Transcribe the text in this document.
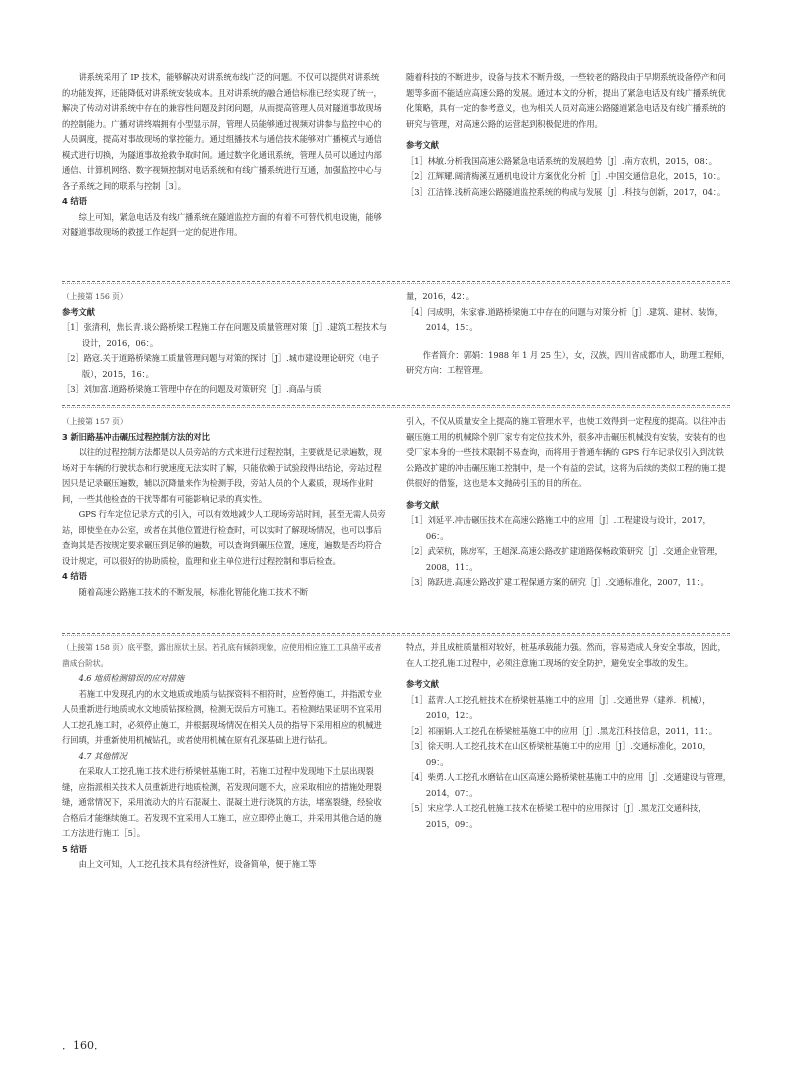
讲系统采用了 IP 技术，能够解决对讲系统布线广泛的问题。不仅可以提供对讲系统的功能发挥，还能降低对讲系统安装成本。且对讲系统的融合通信标准已经实现了统一，解决了传动对讲系统中存在的兼容性问题及封闭问题，从而提高管理人员对隧道事故现场的控制能力。广播对讲终端拥有小型显示屏，管理人员能够通过视频对讲参与监控中心的人员调度，提高对事故现场的掌控能力。通过组播技术与通信技术能够对广播模式与通信模式进行切换，为隧道事故抢救争取时间。通过数字化通讯系统，管理人员可以通过内部通信、计算机网络、数字视频控制对电话系统和有线广播系统进行互通，加强监控中心与各子系统之间的联系与控制［3］。

4 结语

综上可知，紧急电话及有线广播系统在隧道监控方面的有着不可替代机电设施，能够对隧道事故现场的救援工作起到一定的促进作用。

随着科技的不断进步，设备与技术不断升级，一些较老的路段由于早期系统设备停产和问题等多面不能适应高速公路的发展。通过本文的分析，提出了紧急电话及有线广播系统优化策略，具有一定的参考意义，也为相关人员对高速公路隧道紧急电话及有线广播系统的研究与管理，对高速公路的运营起到积极促进的作用。

参考文献

［1］林敏.分析我国高速公路紧急电话系统的发展趋势［J］.南方农机，2015，08：。

［2］江辉耀.阔清梅溪互通机电设计方案优化分析［J］.中国交通信息化，2015，10：。

［3］江洁锋.浅析高速公路隧道监控系统的构成与发展［J］.科技与创新，2017，04：。

（上接第 156 页）

参考文献

［1］张清利，焦长青.谈公路桥梁工程施工存在问题及质量管理对策［J］.建筑工程技术与设计，2016，06：。

［2］路寇.关于道路桥梁施工质量管理问题与对策的探讨［J］.城市建设理论研究（电子版），2015，16：。

［3］刘加富.道路桥梁施工管理中存在的问题及对策研究［J］.商品与质

量，2016，42：。

［4］闫成明，朱家睿.道路桥梁施工中存在的问题与对策分析［J］.建筑、建材、装饰，2014，15：。

作者简介：郭娟：1988 年 1 月 25 生），女，汉族，四川省成都市人，助理工程师，研究方向：工程管理。

（上接第 157 页）

3 新旧路基冲击碾压过程控制方法的对比

以往的过程控制方法都是以人员旁站的方式来进行过程控制，主要就是记录遍数，现场对于车辆的行驶状态和行驶速度无法实时了解，只能依赖于试验段得出结论，旁站过程因只是记录碾压遍数，辅以沉降量来作为检测手段，旁站人员的个人素质，现场作业时间，一些其他检查的干扰等都有可能影响记录的真实性。

GPS 行车定位记录方式的引入，可以有效地减少人工现场旁站时间，甚至无需人员旁站，即使坐在办公室，或者在其他位置进行检查时，可以实时了解现场情况，也可以事后查询其是否按规定要求碾压到足够的遍数，可以查询到碾压位置，速度，遍数是否均符合设计规定，可以很好的协助质检，监理和业主单位进行过程控制和事后检查。

4 结语

随着高速公路施工技术的不断发展，标准化智能化施工技术不断

引入，不仅从质量安全上提高的施工管理水平，也使工效得到一定程度的提高。以往冲击碾压施工用的机械除个别厂家专有定位技术外，很多冲击碾压机械没有安装，安装有的也受厂家本身的一些技术限制不易查询，而将用于普通车辆的 GPS 行车记录仪引入到沈铁公路改扩建的冲击碾压施工控制中，是一个有益的尝试，这将为后续的类似工程的施工提供很好的借鉴，这也是本文抛砖引玉的目的所在。

参考文献

［1］刘延平.冲击碾压技术在高速公路施工中的应用［J］.工程建设与设计，2017，06：。

［2］武荣杭，陈房军，王超深.高速公路改扩建道路保畅政策研究［J］.交通企业管理，2008，11：。

［3］陈跃进.高速公路改扩建工程保通方案的研究［J］.交通标准化，2007，11：。

（上接第 158 页）底平整，露出原状土层。若孔底有倾斜现象，应使用相应施工工具凿平或者凿成台阶状。

4.6 地质检测错误的应对措施

若施工中发现孔内的水文地质或地质与钻探资料不相符时，应暂停施工，并指派专业人员重新进行地质或水文地质钻探检测，检测无误后方可施工。若检测结果证明不宜采用人工挖孔施工时，必须停止施工，并根据现场情况在相关人员的指导下采用相应的机械进行回填，并重新使用机械钻孔，或者使用机械在原有孔深基础上进行钻孔。

4.7 其他情况

在采取人工挖孔施工技术进行桥梁桩基施工时，若施工过程中发现地下土层出现裂缝，应指派相关技术人员重新进行地质检测，若发现问题不大，应采取相应的措施处理裂缝，通常情况下，采用流动大的片石混凝土、混凝土进行浇筑的方法，堵塞裂缝，经验收合格后才能继续施工。若发现不宜采用人工施工，应立即停止施工，并采用其他合适的施工方法进行施工［5］。

5 结语

由上文可知，人工挖孔技术具有经济性好，设备简单，便于施工等

特点，并且成桩质量相对较好，桩基承载能力强。然而，容易造成人身安全事故，因此，在人工挖孔施工过程中，必须注意施工现场的安全防护，避免安全事故的发生。

参考文献

［1］蓝青.人工挖孔桩技术在桥梁桩基施工中的应用［J］.交通世界（建养．机械），2010，12：。

［2］祁丽娟.人工挖孔在桥梁桩基施工中的应用［J］.黑龙江科技信息，2011，11：。

［3］徐天明.人工挖孔技术在山区桥梁桩基施工中的应用［J］.交通标准化，2010，09：。

［4］柴勇.人工挖孔水磨钻在山区高速公路桥梁桩基施工中的应用［J］.交通建设与管理，2014，07：。

［5］宋应学.人工挖孔桩施工技术在桥梁工程中的应用探讨［J］.黑龙江交通科技，2015，09：。

．160．
